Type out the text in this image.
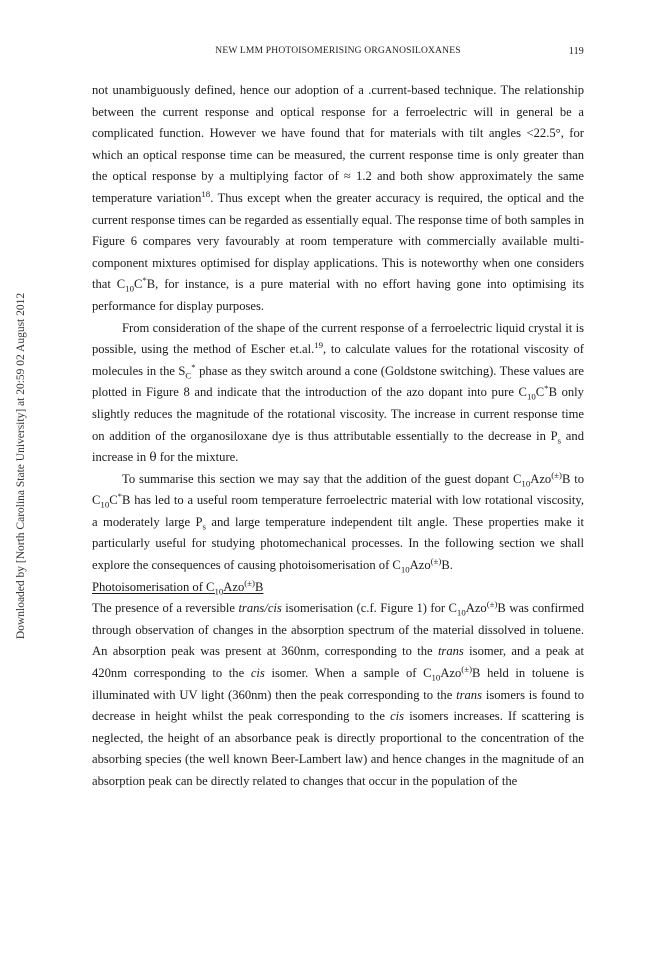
NEW LMM PHOTOISOMERISING ORGANOSILOXANES	119
Downloaded by [North Carolina State University] at 20:59 02 August 2012

not unambiguously defined, hence our adoption of a .current-based technique. The relationship between the current response and optical response for a ferroelectric will in general be a complicated function. However we have found that for materials with tilt angles <22.5°, for which an optical response time can be measured, the current response time is only greater than the optical response by a multiplying factor of ≈ 1.2 and both show approximately the same temperature variation$^{18}$. Thus except when the greater accuracy is required, the optical and the current response times can be regarded as essentially equal. The response time of both samples in Figure 6 compares very favourably at room temperature with commercially available multi-component mixtures optimised for display applications. This is noteworthy when one considers that $C_{10}C^*B$, for instance, is a pure material with no effort having gone into optimising its performance for display purposes.

From consideration of the shape of the current response of a ferroelectric liquid crystal it is possible, using the method of Escher et.al.$^{19}$, to calculate values for the rotational viscosity of molecules in the $S_C^*$ phase as they switch around a cone (Goldstone switching). These values are plotted in Figure 8 and indicate that the introduction of the azo dopant into pure $C_{10}C^*B$ only slightly reduces the magnitude of the rotational viscosity. The increase in current response time on addition of the organosiloxane dye is thus attributable essentially to the decrease in $P_s$ and increase in θ for the mixture.

To summarise this section we may say that the addition of the guest dopant $C_{10}Azo^{(\pm)}B$ to $C_{10}C^*B$ has led to a useful room temperature ferroelectric material with low rotational viscosity, a moderately large $P_s$ and large temperature independent tilt angle. These properties make it particularly useful for studying photomechanical processes. In the following section we shall explore the consequences of causing photoisomerisation of $C_{10}Azo^{(\pm)}B$.

Photoisomerisation of $C_{10}Azo^{(\pm)}B$

The presence of a reversible trans/cis isomerisation (c.f. Figure 1) for $C_{10}Azo^{(\pm)}B$ was confirmed through observation of changes in the absorption spectrum of the material dissolved in toluene. An absorption peak was present at 360nm, corresponding to the trans isomer, and a peak at 420nm corresponding to the cis isomer. When a sample of $C_{10}Azo^{(\pm)}B$ held in toluene is illuminated with UV light (360nm) then the peak corresponding to the trans isomers is found to decrease in height whilst the peak corresponding to the cis isomers increases. If scattering is neglected, the height of an absorbance peak is directly proportional to the concentration of the absorbing species (the well known Beer-Lambert law) and hence changes in the magnitude of an absorption peak can be directly related to changes that occur in the population of the
